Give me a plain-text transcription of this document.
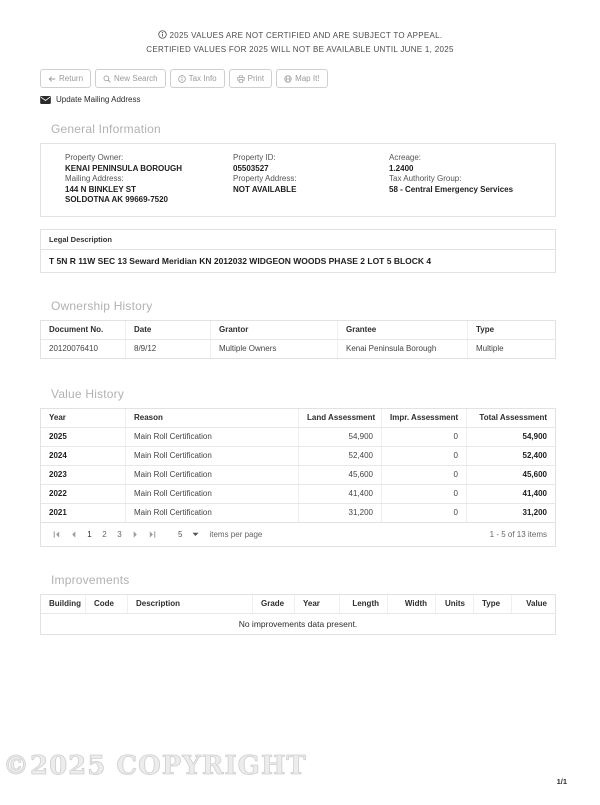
2025 VALUES ARE NOT CERTIFIED AND ARE SUBJECT TO APPEAL.
CERTIFIED VALUES FOR 2025 WILL NOT BE AVAILABLE UNTIL JUNE 1, 2025
Return	New Search	Tax Info	Print	Map It!
Update Mailing Address
General Information
Property Owner:
KENAI PENINSULA BOROUGH
Mailing Address:
144 N BINKLEY ST
SOLDOTNA AK 99669-7520
Property ID:
05503527
Property Address:
NOT AVAILABLE
Acreage:
1.2400
Tax Authority Group:
58 - Central Emergency Services
Legal Description
T 5N R 11W SEC 13 Seward Meridian KN 2012032 WIDGEON WOODS PHASE 2 LOT 5 BLOCK 4
Ownership History
Document No.	Date	Grantor	Grantee	Type
20120076410	8/9/12	Multiple Owners	Kenai Peninsula Borough	Multiple
Value History
Year	Reason	Land Assessment	Impr. Assessment	Total Assessment
2025	Main Roll Certification	54,900	0	54,900
2024	Main Roll Certification	52,400	0	52,400
2023	Main Roll Certification	45,600	0	45,600
2022	Main Roll Certification	41,400	0	41,400
2021	Main Roll Certification	31,200	0	31,200
1	2	3	5	items per page	1 - 5 of 13 items
Improvements
Building	Code	Description	Grade	Year	Length	Width	Units	Type	Value
No improvements data present.
©2025 COPYRIGHT
1/1
